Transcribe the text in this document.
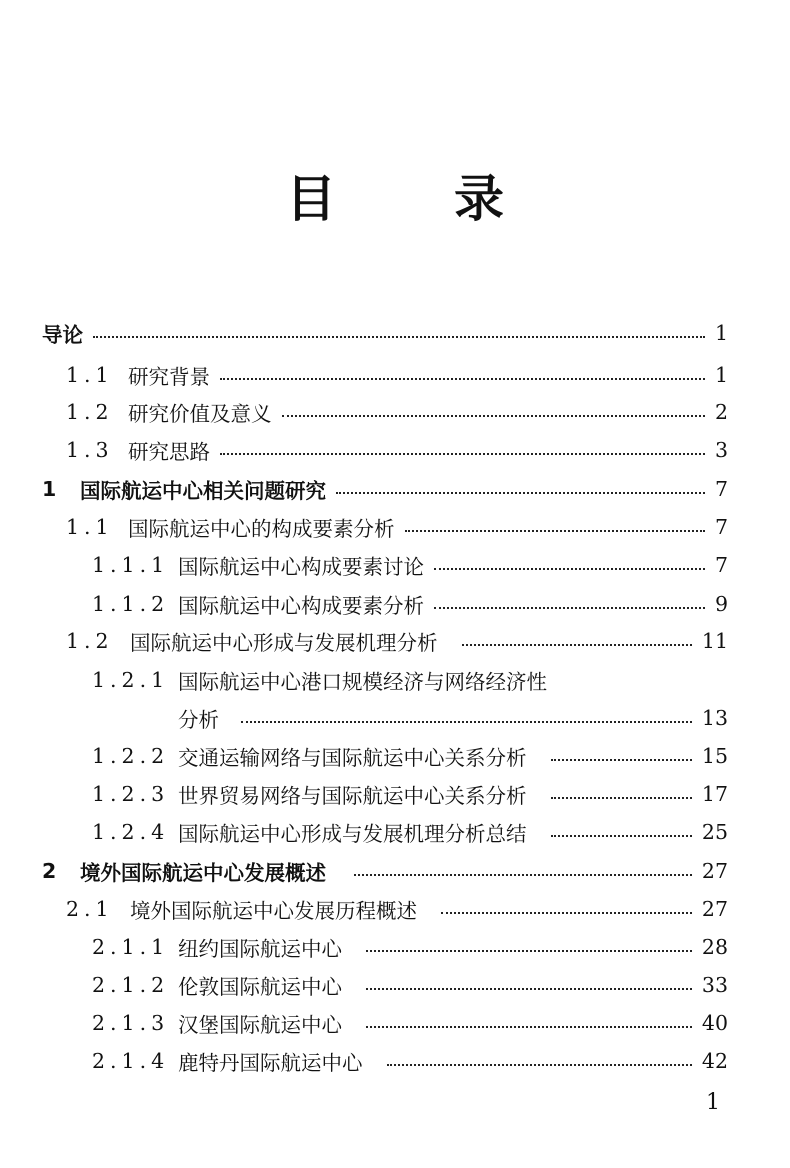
目 录
导论	1
1.1 研究背景	1
1.2 研究价值及意义	2
1.3 研究思路	3
1 国际航运中心相关问题研究	7
1.1 国际航运中心的构成要素分析	7
1.1.1 国际航运中心构成要素讨论	7
1.1.2 国际航运中心构成要素分析	9
1.2 国际航运中心形成与发展机理分析	11
1.2.1 国际航运中心港口规模经济与网络经济性
分析	13
1.2.2 交通运输网络与国际航运中心关系分析	15
1.2.3 世界贸易网络与国际航运中心关系分析	17
1.2.4 国际航运中心形成与发展机理分析总结	25
2 境外国际航运中心发展概述	27
2.1 境外国际航运中心发展历程概述	27
2.1.1 纽约国际航运中心	28
2.1.2 伦敦国际航运中心	33
2.1.3 汉堡国际航运中心	40
2.1.4 鹿特丹国际航运中心	42
1
